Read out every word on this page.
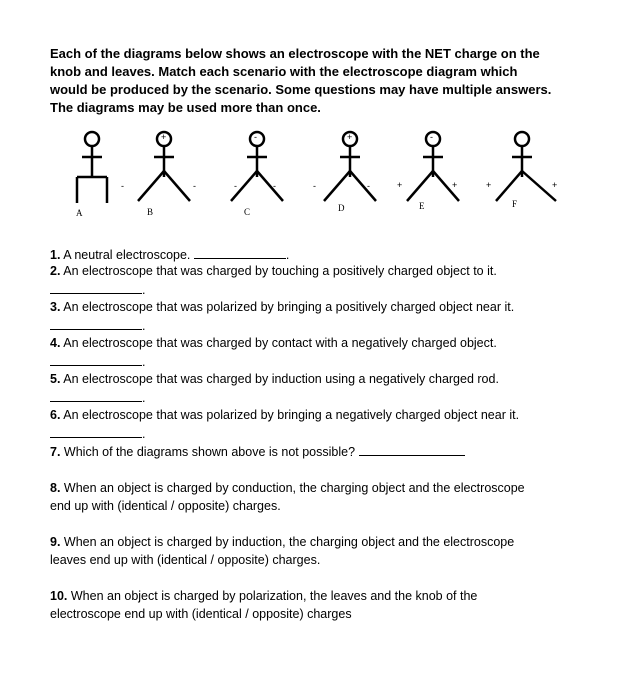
Each of the diagrams below shows an electroscope with the NET charge on the

knob and leaves. Match each scenario with the electroscope diagram which

would be produced by the scenario. Some questions may have multiple answers.

The diagrams may be used more than once.

A
+
-	-
B
-
-	-
C
+
-	-
D
-
+	+
E
+	+
F
1. A neutral electroscope.	.
2. An electroscope that was charged by touching a positively charged object to it.
.
3. An electroscope that was polarized by bringing a positively charged object near it.
.
4. An electroscope that was charged by contact with a negatively charged object.
.
5. An electroscope that was charged by induction using a negatively charged rod.
.
6. An electroscope that was polarized by bringing a negatively charged object near it.
.
7. Which of the diagrams shown above is not possible?
8. When an object is charged by conduction, the charging object and the electroscope
end up with (identical / opposite) charges.
9. When an object is charged by induction, the charging object and the electroscope
leaves end up with (identical / opposite) charges.
10. When an object is charged by polarization, the leaves and the knob of the
electroscope end up with (identical / opposite) charges
